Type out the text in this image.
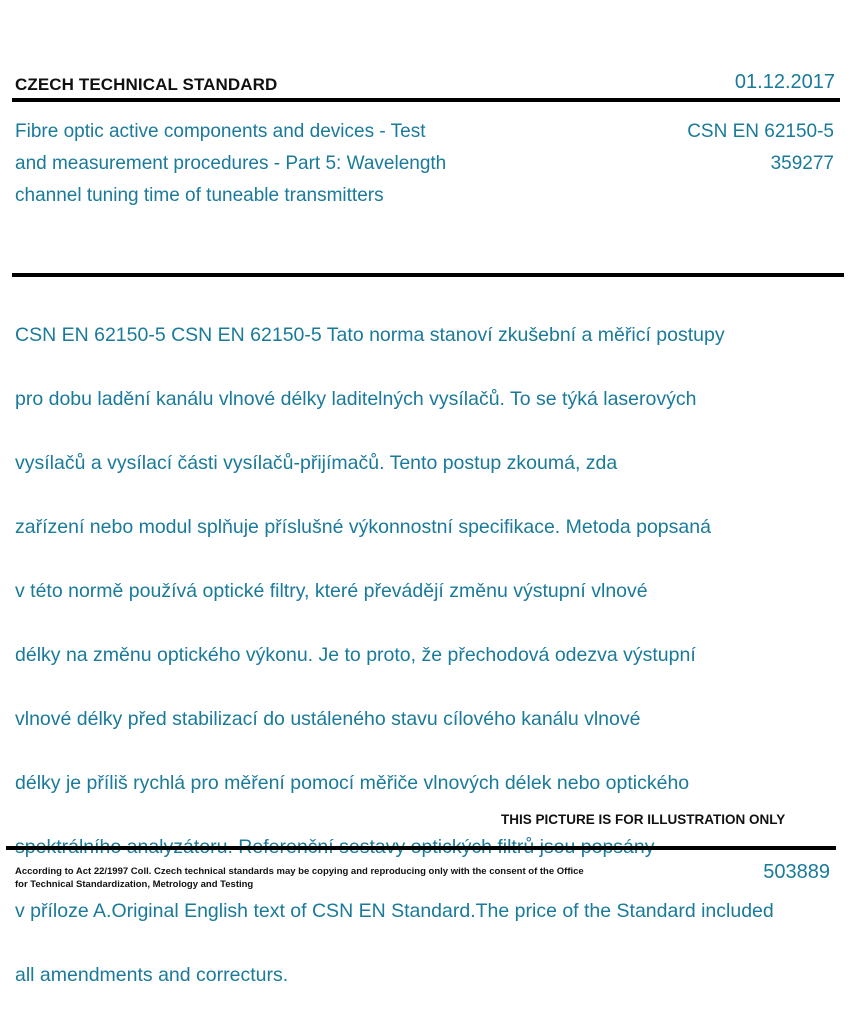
CZECH TECHNICAL STANDARD	01.12.2017
Fibre optic active components and devices - Test
and measurement procedures - Part 5: Wavelength
channel tuning time of tuneable transmitters
CSN EN 62150-5
359277

CSN EN 62150-5 CSN EN 62150-5 Tato norma stanoví zkušební a měřicí postupy

pro dobu ladění kanálu vlnové délky laditelných vysílačů. To se týká laserových

vysílačů a vysílací části vysílačů-přijímačů. Tento postup zkoumá, zda

zařízení nebo modul splňuje příslušné výkonnostní specifikace. Metoda popsaná

v této normě používá optické filtry, které převádějí změnu výstupní vlnové

délky na změnu optického výkonu. Je to proto, že přechodová odezva výstupní

vlnové délky před stabilizací do ustáleného stavu cílového kanálu vlnové

délky je příliš rychlá pro měření pomocí měřiče vlnových délek nebo optického

v příloze A.Original English text of CSN EN Standard.The price of the Standard included

all amendments and correcturs.

THIS PICTURE IS FOR ILLUSTRATION ONLY
According to Act 22/1997 Coll. Czech technical standards may be copying and reproducing only with the consent of the Office
for Technical Standardization, Metrology and Testing
503889
